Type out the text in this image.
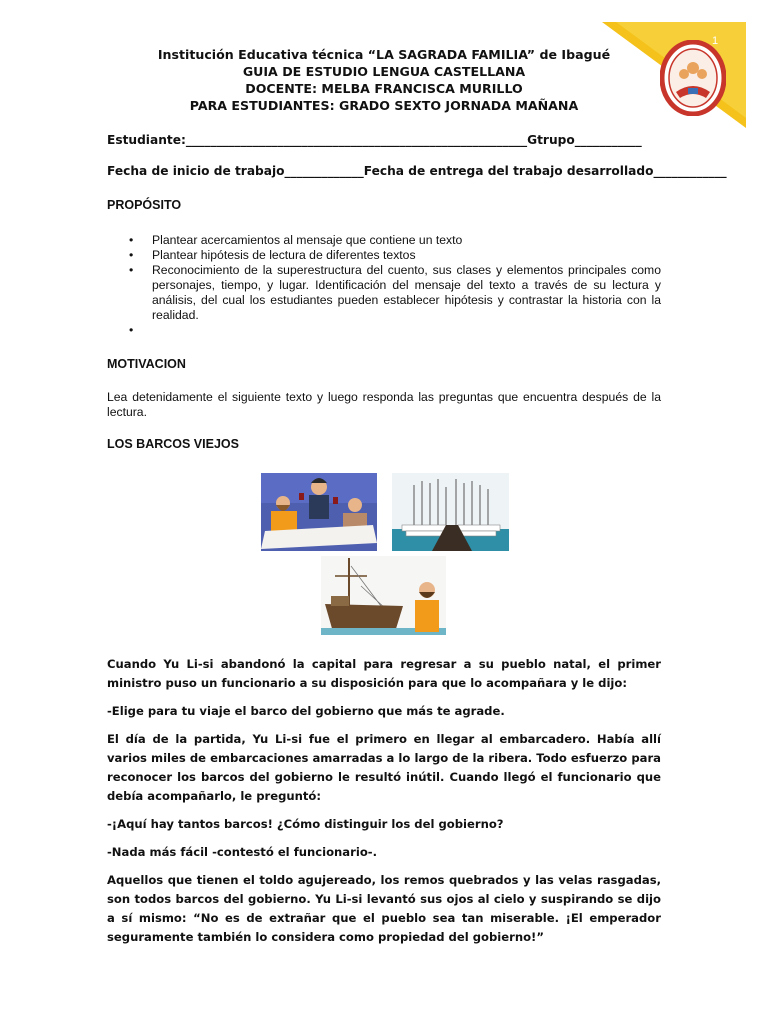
1
Institución Educativa técnica “LA SAGRADA FAMILIA” de Ibagué
GUIA DE ESTUDIO LENGUA CASTELLANA
DOCENTE: MELBA FRANCISCA MURILLO
PARA ESTUDIANTES: GRADO SEXTO JORNADA MAÑANA
Estudiante:________________________________________________________Gtrupo___________
Fecha de inicio de trabajo_____________Fecha de entrega del trabajo desarrollado____________
PROPÓSITO
• Plantear acercamientos al mensaje que contiene un texto
• Plantear hipótesis de lectura de diferentes textos
• Reconocimiento de la superestructura del cuento, sus clases y elementos principales como personajes, tiempo, y lugar. Identificación del mensaje del texto a través de su lectura y análisis, del cual los estudiantes pueden establecer hipótesis y contrastar la historia con la realidad.
•
MOTIVACION
Lea detenidamente el siguiente texto y luego responda las preguntas que encuentra después de la lectura.
LOS BARCOS VIEJOS

Cuando Yu Li-si abandonó la capital para regresar a su pueblo natal, el primer ministro puso un funcionario a su disposición para que lo acompañara y le dijo:

-Elige para tu viaje el barco del gobierno que más te agrade.

El día de la partida, Yu Li-si fue el primero en llegar al embarcadero. Había allí varios miles de embarcaciones amarradas a lo largo de la ribera. Todo esfuerzo para reconocer los barcos del gobierno le resultó inútil. Cuando llegó el funcionario que debía acompañarlo, le preguntó:

-¡Aquí hay tantos barcos! ¿Cómo distinguir los del gobierno?

-Nada más fácil -contestó el funcionario-.

Aquellos que tienen el toldo agujereado, los remos quebrados y las velas rasgadas, son todos barcos del gobierno. Yu Li-si levantó sus ojos al cielo y suspirando se dijo a sí mismo: “No es de extrañar que el pueblo sea tan miserable. ¡El emperador seguramente también lo considera como propiedad del gobierno!”
